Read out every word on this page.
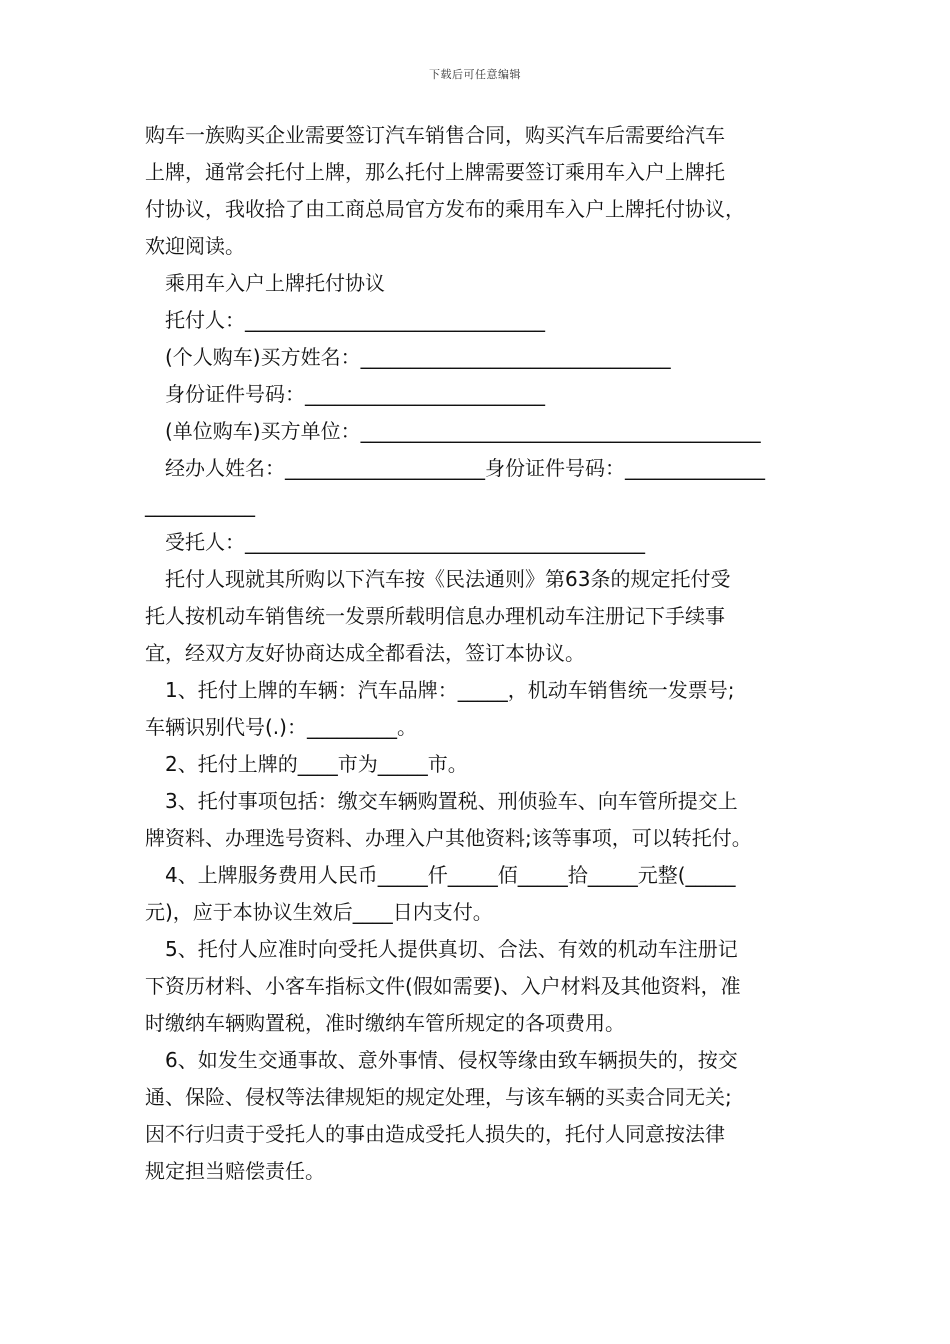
下载后可任意编辑
购车一族购买企业需要签订汽车销售合同，购买汽车后需要给汽车
上牌，通常会托付上牌，那么托付上牌需要签订乘用车入户上牌托
付协议，我收拾了由工商总局官方发布的乘用车入户上牌托付协议，
欢迎阅读。
乘用车入户上牌托付协议
托付人：______________________________
(个人购车)买方姓名：_______________________________
身份证件号码：________________________
(单位购车)买方单位：________________________________________
经办人姓名：____________________身份证件号码：______________
___________
受托人：________________________________________
托付人现就其所购以下汽车按《民法通则》第63条的规定托付受
托人按机动车销售统一发票所载明信息办理机动车注册记下手续事
宜，经双方友好协商达成全都看法，签订本协议。
1、托付上牌的车辆：汽车品牌：_____，机动车销售统一发票号;
车辆识别代号(.)：_________。
2、托付上牌的____市为_____市。
3、托付事项包括：缴交车辆购置税、刑侦验车、向车管所提交上
牌资料、办理选号资料、办理入户其他资料;该等事项，可以转托付。
4、上牌服务费用人民币_____仟_____佰_____拾_____元整(_____
元)，应于本协议生效后____日内支付。
5、托付人应准时向受托人提供真切、合法、有效的机动车注册记
下资历材料、小客车指标文件(假如需要)、入户材料及其他资料，准
时缴纳车辆购置税，准时缴纳车管所规定的各项费用。
6、如发生交通事故、意外事情、侵权等缘由致车辆损失的，按交
通、保险、侵权等法律规矩的规定处理，与该车辆的买卖合同无关;
因不行归责于受托人的事由造成受托人损失的，托付人同意按法律
规定担当赔偿责任。
